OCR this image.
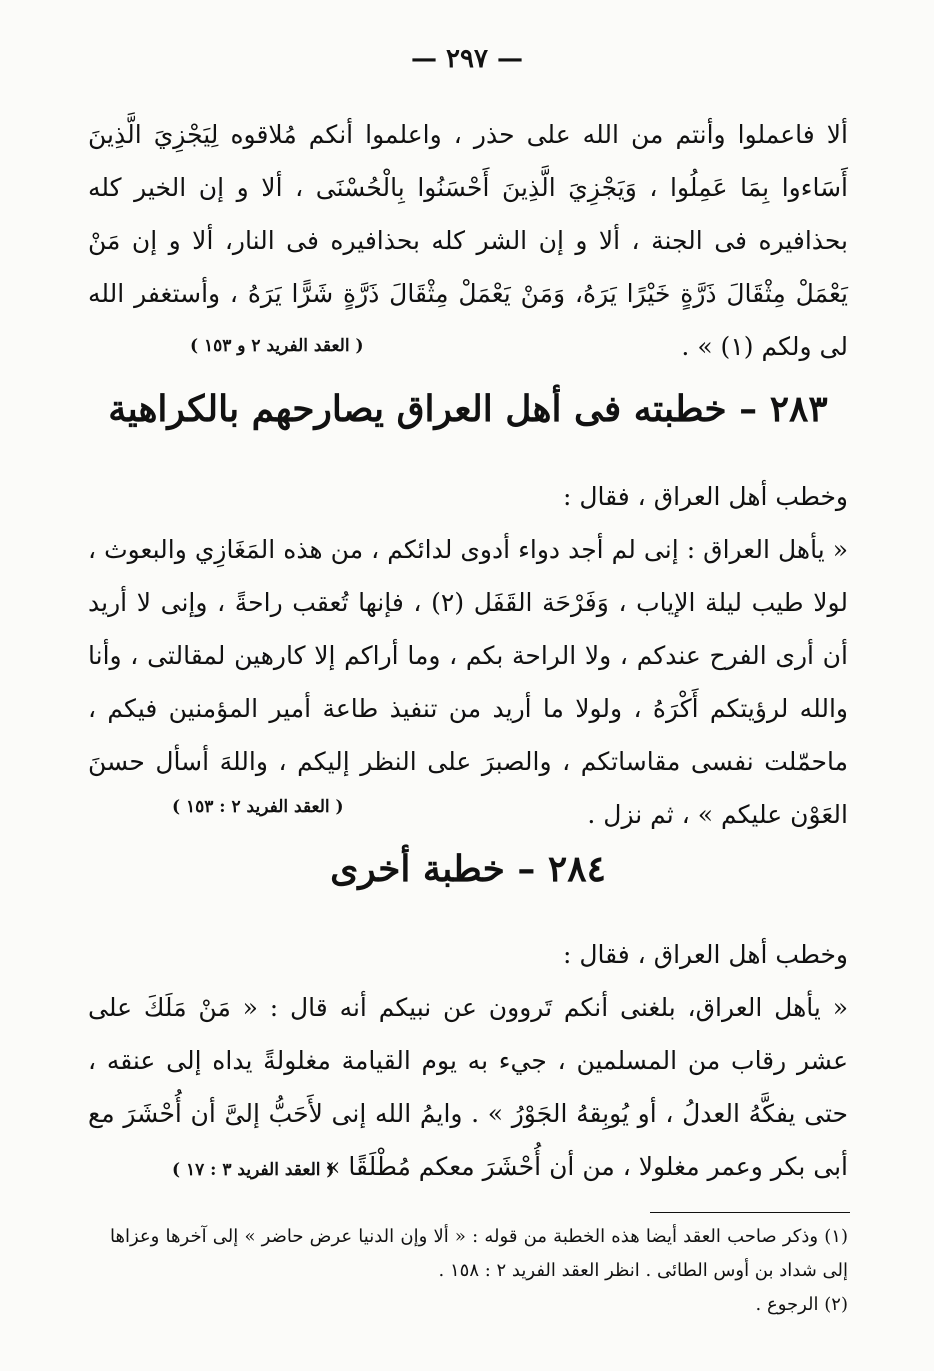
— ٢٩٧ —

ألا فاعملوا وأنتم من الله على حذر ، واعلموا أنكم مُلاقوه لِيَجْزِيَ الَّذِينَ أَسَاءوا بِمَا عَمِلُوا ، وَيَجْزِيَ الَّذِينَ أَحْسَنُوا بِالْحُسْنَى ، ألا و إن الخير كله بحذافيره فى الجنة ، ألا و إن الشر كله بحذافيره فى النار، ألا و إن مَنْ يَعْمَلْ مِثْقَالَ ذَرَّةٍ خَيْرًا يَرَهُ، وَمَنْ يَعْمَلْ مِثْقَالَ ذَرَّةٍ شَرًّا يَرَهُ ، وأستغفر الله لى ولكم (١) » .

( العقد الفريد ٢ و ١٥٣ )

٢٨٣ – خطبته فى أهل العراق يصارحهم بالكراهية

وخطب أهل العراق ، فقال :

« يأهل العراق : إنى لم أجد دواء أدوى لدائكم ، من هذه المَغَازِي والبعوث ، لولا طيب ليلة الإياب ، وَفَرْحَة القَفَل (٢) ، فإنها تُعقب راحةً ، وإنى لا أريد أن أرى الفرح عندكم ، ولا الراحة بكم ، وما أراكم إلا كارهين لمقالتى ، وأنا والله لرؤيتكم أَكْرَهُ ، ولولا ما أريد من تنفيذ طاعة أمير المؤمنين فيكم ، ماحمّلت نفسى مقاساتكم ، والصبرَ على النظر إليكم ، واللهَ أسأل حسنَ العَوْن عليكم » ، ثم نزل .

( العقد الفريد ٢ : ١٥٣ )

٢٨٤ – خطبة أخرى

وخطب أهل العراق ، فقال :

« يأهل العراق، بلغنى أنكم تَروون عن نبيكم أنه قال : « مَنْ مَلَكَ على عشر رقاب من المسلمين ، جيء به يوم القيامة مغلولةً يداه إلى عنقه ، حتى يفكَّهُ العدلُ ، أو يُوبِقهُ الجَوْرُ » . وايمُ الله إنى لأَحَبُّ إلىَّ أن أُحْشَرَ مع أبى بكر وعمر مغلولا ، من أن أُحْشَرَ معكم مُطْلَقًا » .

( العقد الفريد ٣ : ١٧ )

(١) وذكر صاحب العقد أيضا هذه الخطبة من قوله : « ألا وإن الدنيا عرض حاضر » إلى آخرها وعزاها إلى شداد بن أوس الطائى . انظر العقد الفريد ٢ : ١٥٨ .

(٢) الرجوع .
